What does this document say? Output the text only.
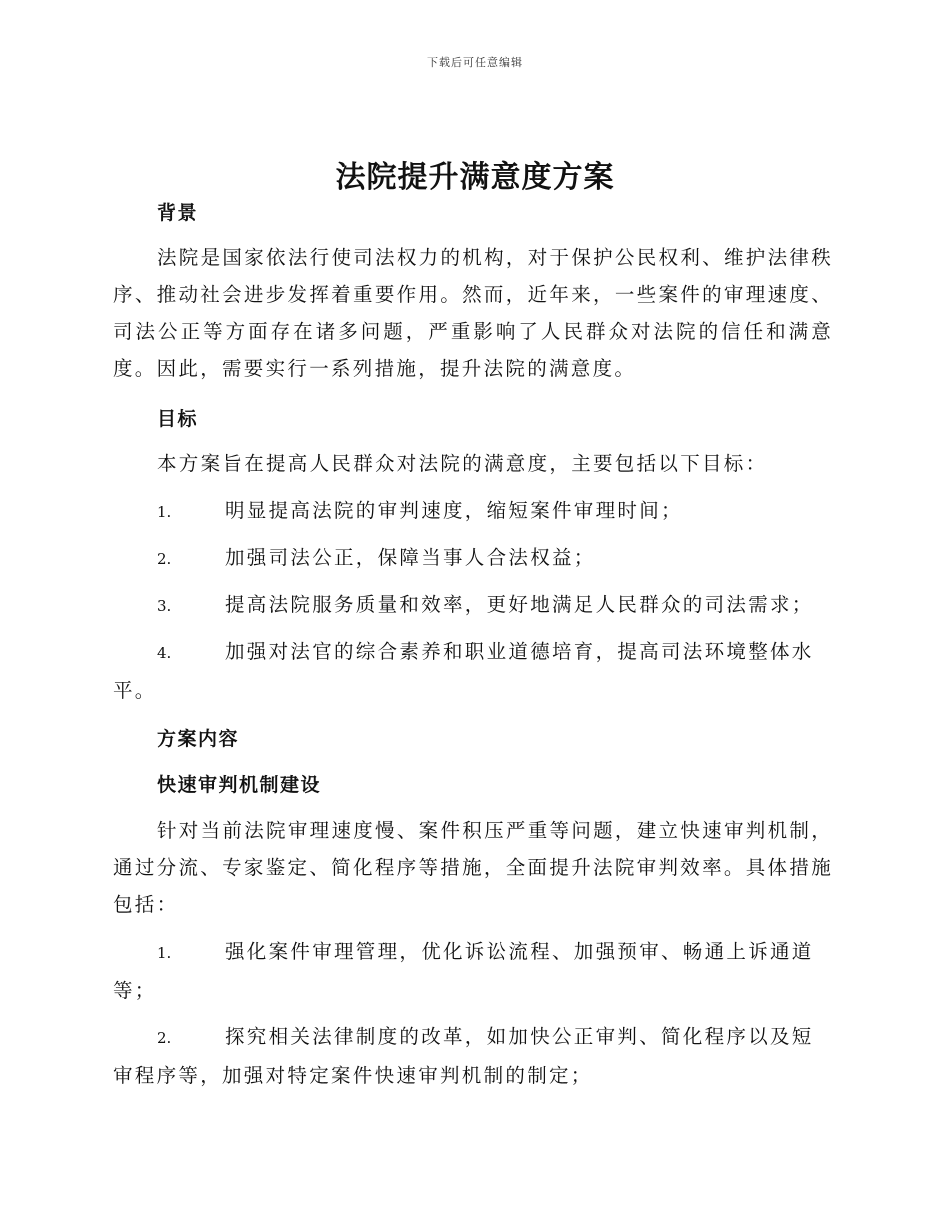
下载后可任意编辑
法院提升满意度方案
背景

法院是国家依法行使司法权力的机构，对于保护公民权利、维护法律秩序、推动社会进步发挥着重要作用。然而，近年来，一些案件的审理速度、司法公正等方面存在诸多问题，严重影响了人民群众对法院的信任和满意度。因此，需要实行一系列措施，提升法院的满意度。

目标

本方案旨在提高人民群众对法院的满意度，主要包括以下目标：

1.	明显提高法院的审判速度，缩短案件审理时间；

2.	加强司法公正，保障当事人合法权益；

3.	提高法院服务质量和效率，更好地满足人民群众的司法需求；

4.	加强对法官的综合素养和职业道德培育，提高司法环境整体水平。

方案内容
快速审判机制建设

针对当前法院审理速度慢、案件积压严重等问题，建立快速审判机制，通过分流、专家鉴定、简化程序等措施，全面提升法院审判效率。具体措施包括：

1.	强化案件审理管理，优化诉讼流程、加强预审、畅通上诉通道等；

2.	探究相关法律制度的改革，如加快公正审判、简化程序以及短审程序等，加强对特定案件快速审判机制的制定；
